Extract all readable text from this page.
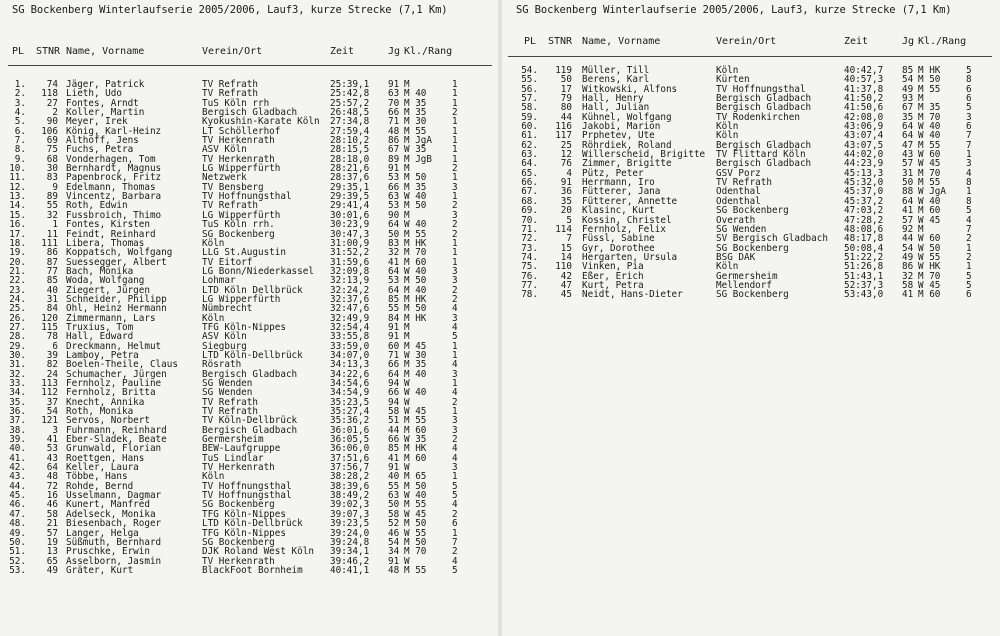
SG Bockenberg Winterlaufserie 2005/2006, Lauf3, kurze Strecke (7,1 Km)
PL STNR Name, Vorname	Verein/Ort	Zeit	Jg Kl./Rang
1.	74 Jäger, Patrick	TV Refrath	25:39,1	91 M	1
2.	118 Lieth, Udo	TV Refrath	25:42,8	63 M 40	1
3.	27 Fontes, Arndt	TuS Köln rrh	25:57,2	70 M 35	1
4.	2 Koller, Martin	Bergisch Gladbach	26:48,5	66 M 35	2
5.	90 Meyer, Irek	Kyokushin-Karate Köln 27:34,8	71 M 30	1
6.	106 König, Karl-Heinz	LT Schöllerhof	27:59,4	48 M 55	1
7.	69 Althoff, Jens	TV Herkenrath	28:10,2	86 M JgA 1
8.	75 Fuchs, Petra	ASV Köln	28:15,5	67 W 35	1
9.	68 Vonderhagen, Tom	TV Herkenrath	28:18,0	89 M JgB 1
10.	30 Bernhardt, Magnus	LG Wipperfürth	28:21,6	91 M	2
11.	83 Papenbrock, Fritz	Netzwerk	28:37,6	53 M 50	1
12.	9 Edelmann, Thomas	TV Bensberg	29:35,1	66 M 35	3
13.	89 Vincentz, Barbara	TV Hoffnungsthal	29:39,5	63 W 40	1
14.	55 Roth, Edwin	TV Refrath	29:41,4	53 M 50	2
15.	32 Fussbroich, Thimo	LG Wipperfürth	30:01,6	90 M	3
16.	1 Fontes, Kirsten	TuS Köln rrh.	30:23,9	64 W 40	2
17.	11 Feindt, Reinhard	SG Bockenberg	30:47,3	50 M 55	2
18.	111 Libera, Thomas	Köln	31:00,9	83 M HK	1
19.	86 Koppatsch, Wolfgang	LLG St.Augustin	31:52,2	32 M 70	1
20.	87 Suessegger, Albert	TV Eitorf	31:59,6	41 M 60	1
21.	77 Bach, Monika	LG Bonn/Niederkassel 32:09,8	64 W 40	3
22.	85 Woda, Wolfgang	Lohmar	32:13,9	53 M 50	3
23.	40 Ziegert, Jürgen	LTD Köln Dellbrück	32:24,2	64 M 40	2
24.	31 Schneider, Philipp	LG Wipperfürth	32:37,6	85 M HK	2
25.	84 Ohl, Heinz Hermann	Nümbrecht	32:47,6	55 M 50	4
26.	120 Zimmermann, Lars	Köln	32:49,9	84 M HK	3
27.	115 Truxius, Tom	TFG Köln-Nippes	32:54,4	91 M	4
28.	78 Hall, Edward	ASV Köln	33:55,8	91 M	5
29.	6 Dreckmann, Helmut	Siegburg	33:59,0	60 M 45	1
30.	39 Lamboy, Petra	LTD Köln-Dellbrück	34:07,0	71 W 30	1
31.	82 Boelen-Theile, Claus	Rösrath	34:13,3	66 M 35	4
32.	24 Schumacher, Jürgen	Bergisch Gladbach	34:22,6	64 M 40	3
33.	113 Fernholz, Pauline	SG Wenden	34:54,6	94 W	1
34.	112 Fernholz, Britta	SG Wenden	34:54,9	66 W 40	4
35.	37 Knecht, Annika	TV Refrath	35:23,5	94 W	2
36.	54 Roth, Monika	TV Refrath	35:27,4	58 W 45	1
37.	121 Servos, Norbert	TV Köln-Dellbrück	35:36,2	51 M 55	3
38.	3 Fuhrmann, Reinhard	Bergisch Gladbach	36:01,6	44 M 60	3
39.	41 Eber-Sladek, Beate	Germersheim	36:05,5	66 W 35	2
40.	53 Grunwald, Florian	BEW-Laufgruppe	36:06,0	85 M HK	4
41.	43 Roettgen, Hans	TuS Lindlar	37:51,6	41 M 60	4
42.	64 Keller, Laura	TV Herkenrath	37:56,7	91 W	3
43.	48 Többe, Hans	Köln	38:28,2	40 M 65	1
44.	72 Rohde, Bernd	TV Hoffnungsthal	38:39,6	55 M 50	5
45.	16 Usselmann, Dagmar	TV Hoffnungsthal	38:49,2	63 W 40	5
46.	46 Kunert, Manfred	SG Bockenberg	39:02,3	50 M 55	4
47.	58 Adelseck, Monika	TFG Köln-Nippes	39:07,3	58 W 45	2
48.	21 Biesenbach, Roger	LTD Köln-Dellbrück	39:23,5	52 M 50	6
49.	57 Langer, Helga	TFG Köln-Nippes	39:24,0	46 W 55	1
50.	19 Süßmuth, Bernhard	SG Bockenberg	39:24,8	54 M 50	7
51.	13 Pruschke, Erwin	DJK Roland West Köln 39:34,1	34 M 70	2
52.	65 Asselborn, Jasmin	TV Herkenrath	39:46,2	91 W	4
53.	49 Gräter, Kurt	BlackFoot Bornheim	40:41,1	48 M 55	5
SG Bockenberg Winterlaufserie 2005/2006, Lauf3, kurze Strecke (7,1 Km)
PL STNR Name, Vorname	Verein/Ort	Zeit	Jg Kl./Rang
54.	119 Müller, Till	Köln	40:42,7	85 M HK	5
55.	50 Berens, Karl	Kürten	40:57,3	54 M 50	8
56.	17 Witkowski, Alfons	TV Hoffnungsthal	41:37,8	49 M 55	6
57.	79 Hall, Henry	Bergisch Gladbach	41:50,2	93 M	6
58.	80 Hall, Julian	Bergisch Gladbach	41:50,6	67 M 35	5
59.	44 Kühnel, Wolfgang	TV Rodenkirchen	42:08,0	35 M 70	3
60.	116 Jakobi, Marion	Köln	43:06,9	64 W 40	6
61.	117 Prphetev, Ute	Köln	43:07,4	64 W 40	7
62.	25 Röhrdiek, Roland	Bergisch Gladbach	43:07,5	47 M 55	7
63.	12 Willerscheid, Brigitte TV Flittard Köln	44:02,0	43 W 60	1
64.	76 Zimmer, Brigitte	Bergisch Gladbach	44:23,9	57 W 45	3
65.	4 Pütz, Peter	GSV Porz	45:13,3	31 M 70	4
66.	91 Herrmann, Iro	TV Refrath	45:32,0	50 M 55	8
67.	36 Fütterer, Jana	Odenthal	45:37,0	88 W JgA 1
68.	35 Fütterer, Annette	Odenthal	45:37,2	64 W 40	8
69.	20 Klasinc, Kurt	SG Bockenberg	47:03,2	41 M 60	5
70.	5 Kossin, Christel	Overath	47:28,2	57 W 45	4
71.	114 Fernholz, Felix	SG Wenden	48:08,6	92 M	7
72.	7 Füssl, Sabine	SV Bergisch Gladbach 48:17,8	44 W 60	2
73.	15 Gyr, Dorothee	SG Bockenberg	50:08,4	54 W 50	1
74.	14 Hergarten, Ursula	BSG DAK	51:22,2	49 W 55	2
75.	110 Vinken, Pia	Köln	51:26,8	86 W HK	1
76.	42 Eßer, Erich	Germersheim	51:43,1	32 M 70	5
77.	47 Kurt, Petra	Mellendorf	52:37,3	58 W 45	5
78.	45 Neidt, Hans-Dieter	SG Bockenberg	53:43,0	41 M 60	6
